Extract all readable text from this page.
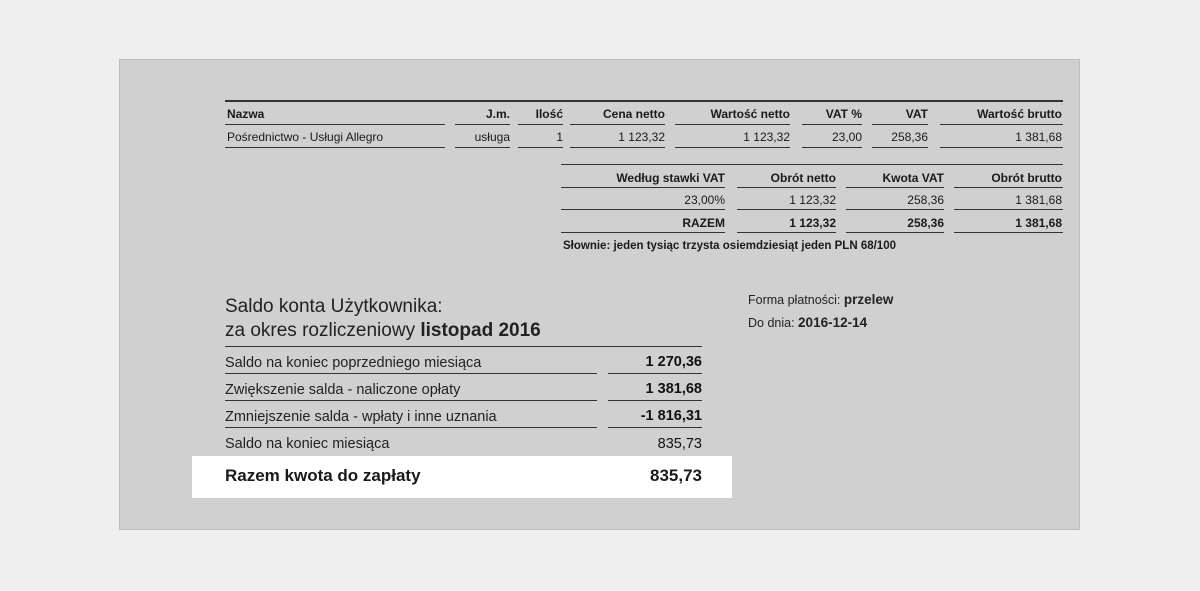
Nazwa	J.m.	Ilość	Cena netto	Wartość netto	VAT %	VAT	Wartość brutto
Pośrednictwo - Usługi Allegro	usługa	1	1 123,32	1 123,32	23,00	258,36	1 381,68
Według stawki VAT	Obrót netto	Kwota VAT	Obrót brutto
23,00%	1 123,32	258,36	1 381,68
RAZEM	1 123,32	258,36	1 381,68
Słownie: jeden tysiąc trzysta osiemdziesiąt jeden PLN 68/100
Saldo konta Użytkownika:
za okres rozliczeniowy listopad 2016
Saldo na koniec poprzedniego miesiąca	1 270,36
Zwiększenie salda - naliczone opłaty	1 381,68
Zmniejszenie salda - wpłaty i inne uznania	-1 816,31
Saldo na koniec miesiąca	835,73
Razem kwota do zapłaty	835,73
Forma płatności: przelew
Do dnia: 2016-12-14
